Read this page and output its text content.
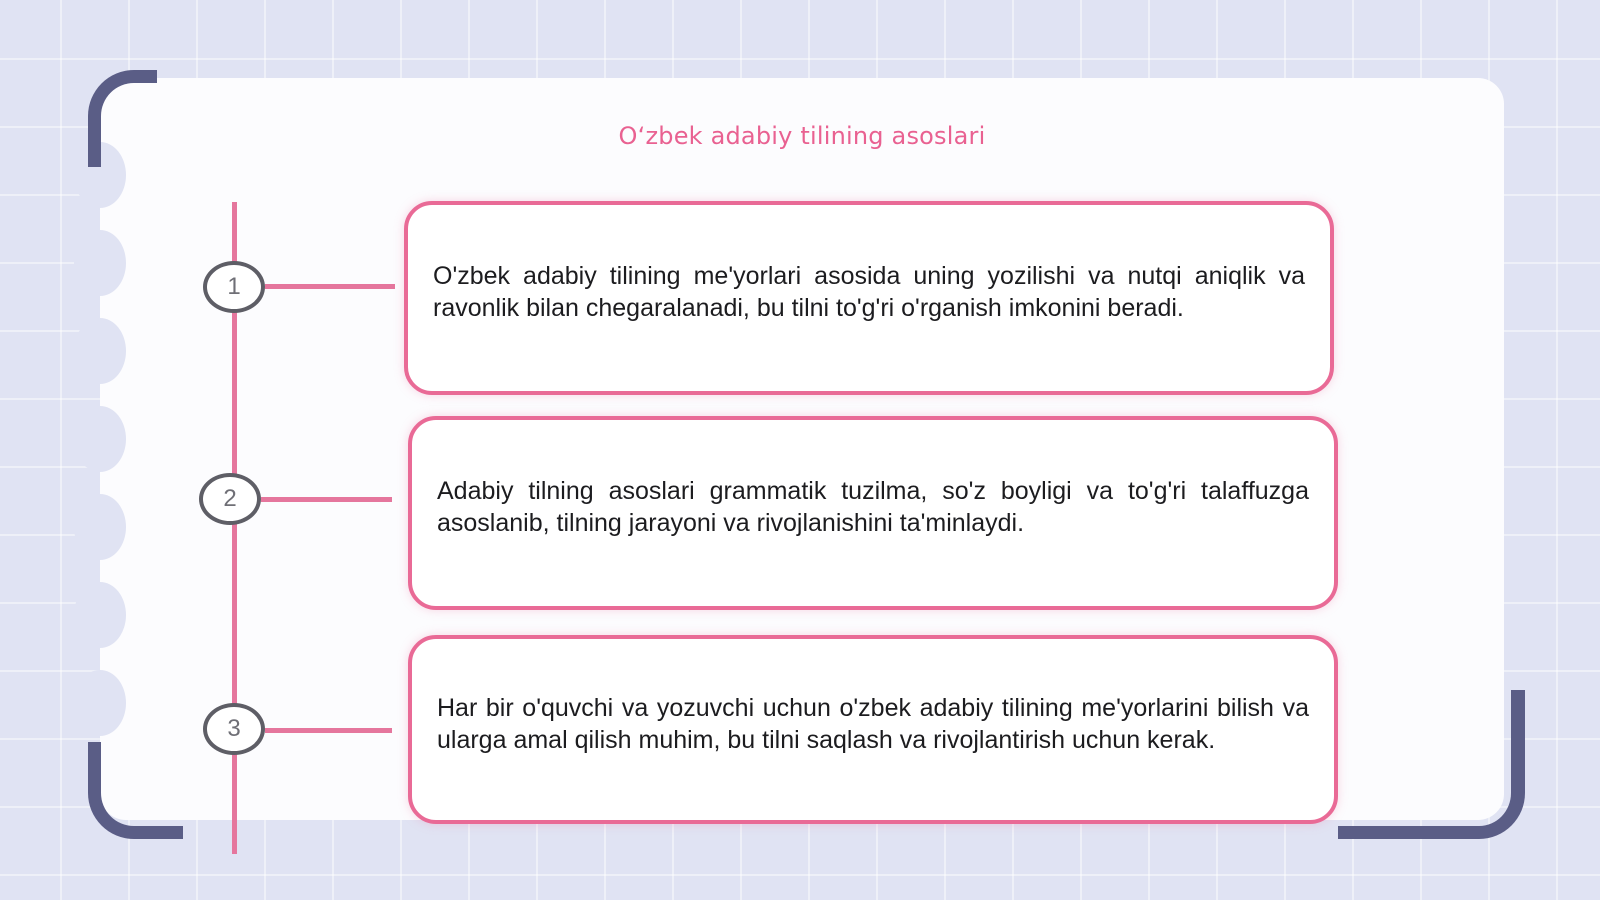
O‘zbek adabiy tilining asoslari
1	O'zbek adabiy tilining me'yorlari asosida uning yozilishi va nutqi aniqlik va ravonlik bilan chegaralanadi, bu tilni to'g'ri o'rganish imkonini beradi.

2	Adabiy tilning asoslari grammatik tuzilma, so'z boyligi va to'g'ri talaffuzga asoslanib, tilning jarayoni va rivojlanishini ta'minlaydi.

3

Har bir o'quvchi va yozuvchi uchun o'zbek adabiy tilining me'yorlarini bilish va ularga amal qilish muhim, bu tilni saqlash va rivojlantirish uchun kerak.
